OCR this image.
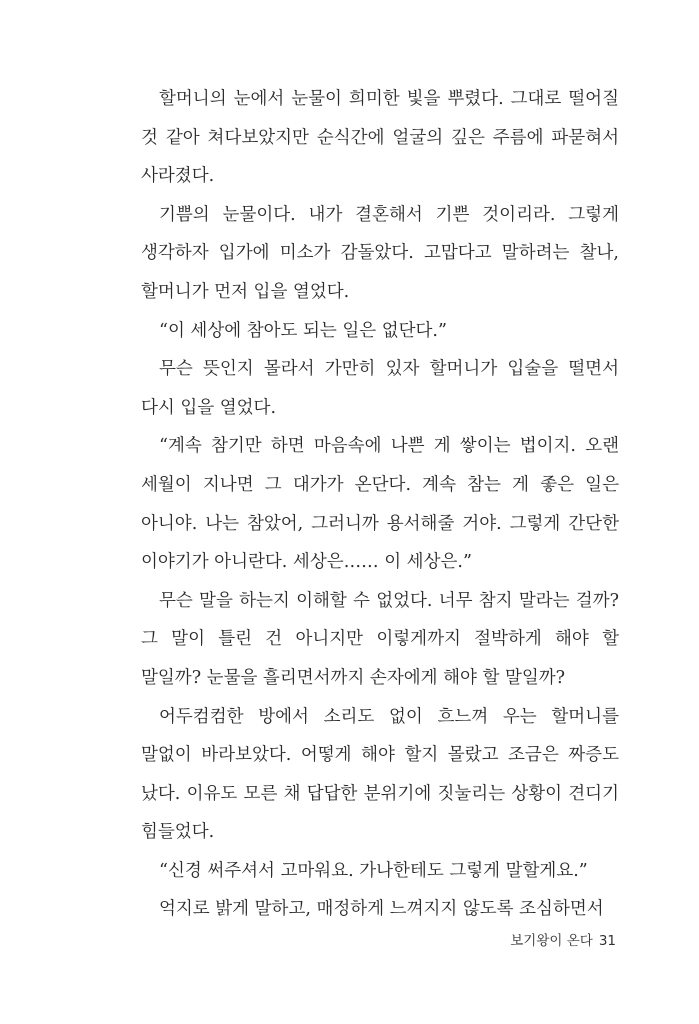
할머니의 눈에서 눈물이 희미한 빛을 뿌렸다. 그대로 떨어질 것 같아 쳐다보았지만 순식간에 얼굴의 깊은 주름에 파묻혀서 사라졌다.

기쁨의 눈물이다. 내가 결혼해서 기쁜 것이리라. 그렇게 생각하자 입가에 미소가 감돌았다. 고맙다고 말하려는 찰나, 할머니가 먼저 입을 열었다.

“이 세상에 참아도 되는 일은 없단다.”

무슨 뜻인지 몰라서 가만히 있자 할머니가 입술을 떨면서 다시 입을 열었다.

“계속 참기만 하면 마음속에 나쁜 게 쌓이는 법이지. 오랜 세월이 지나면 그 대가가 온단다. 계속 참는 게 좋은 일은 아니야. 나는 참았어, 그러니까 용서해줄 거야. 그렇게 간단한 이야기가 아니란다. 세상은…… 이 세상은.”

무슨 말을 하는지 이해할 수 없었다. 너무 참지 말라는 걸까? 그 말이 틀린 건 아니지만 이렇게까지 절박하게 해야 할 말일까? 눈물을 흘리면서까지 손자에게 해야 할 말일까?

어두컴컴한 방에서 소리도 없이 흐느껴 우는 할머니를 말없이 바라보았다. 어떻게 해야 할지 몰랐고 조금은 짜증도 났다. 이유도 모른 채 답답한 분위기에 짓눌리는 상황이 견디기 힘들었다.

“신경 써주셔서 고마워요. 가나한테도 그렇게 말할게요.”

억지로 밝게 말하고, 매정하게 느껴지지 않도록 조심하면서

보기왕이 온다 31
